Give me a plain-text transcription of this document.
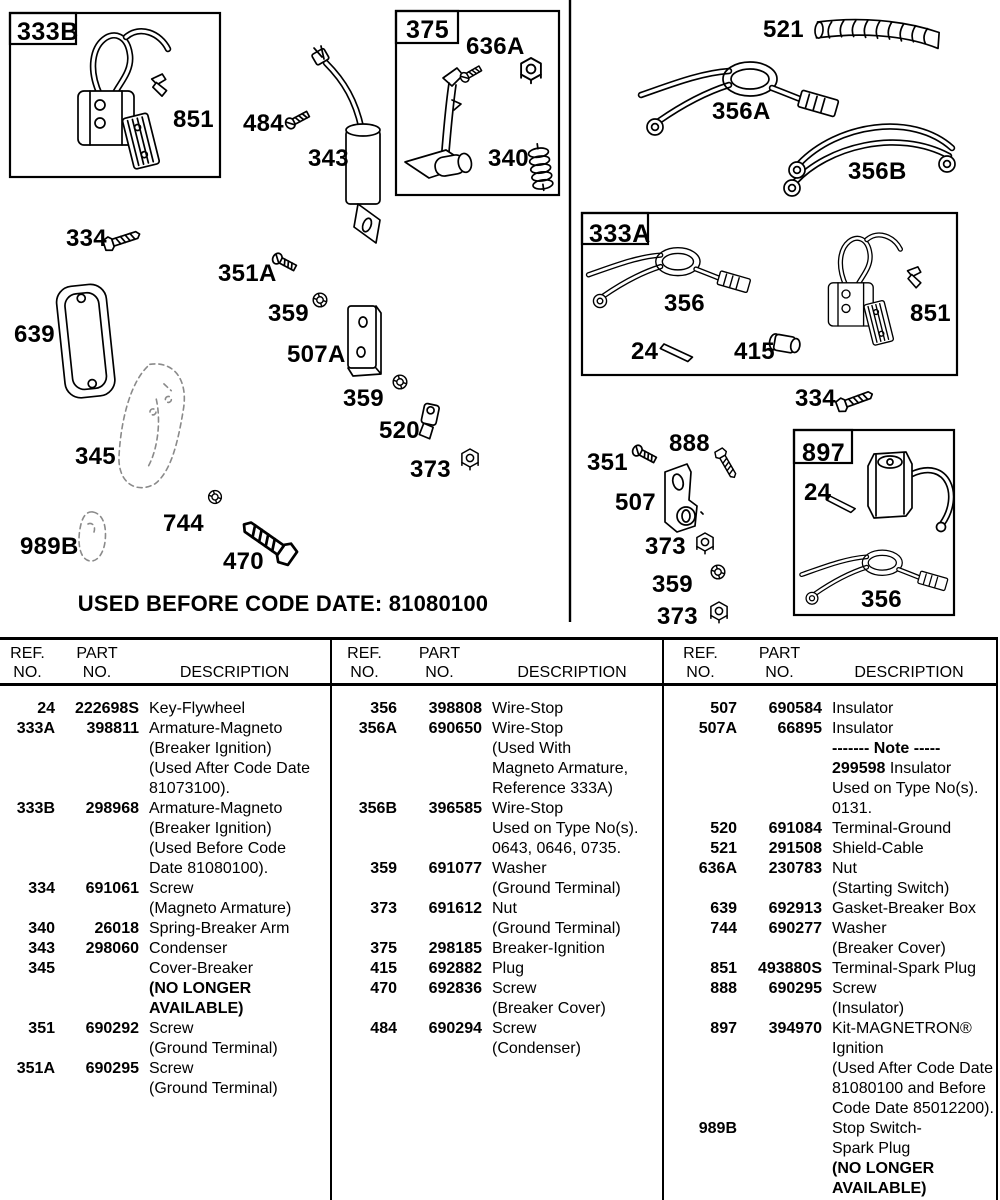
333B	375
333A
897
851 484
343
636A
340
521
356A
356B
356	851
24	415
334
334
351A
359
507A
359
520
373
639
345
989B
744
470
888
351
507
373
359
373
24
356
USED BEFORE CODE DATE: 81080100
REF.
NO.
PART
NO.	DESCRIPTION
24	222698S Key-Flywheel
333A	398811 Armature-Magneto
(Breaker Ignition)
(Used After Code Date
81073100).
333B	298968 Armature-Magneto
(Breaker Ignition)
(Used Before Code
Date 81080100).
334	691061 Screw
(Magneto Armature)
340	26018 Spring-Breaker Arm
343	298060 Condenser
345	Cover-Breaker
(NO LONGER
AVAILABLE)
351	690292 Screw
(Ground Terminal)
351A	690295 Screw
(Ground Terminal)
REF.
NO.
PART
NO.	DESCRIPTION
356	398808 Wire-Stop
356A	690650 Wire-Stop
(Used With
Magneto Armature,
Reference 333A)
356B	396585 Wire-Stop
Used on Type No(s).
0643, 0646, 0735.
359	691077 Washer
(Ground Terminal)
373	691612 Nut
(Ground Terminal)
375	298185 Breaker-Ignition
415	692882 Plug
470	692836 Screw
(Breaker Cover)
484	690294 Screw
(Condenser)
REF.
NO.
PART
NO.	DESCRIPTION
507	690584 Insulator
507A	66895 Insulator
------- Note -----
299598 Insulator
Used on Type No(s).
0131.
520	691084 Terminal-Ground
521	291508 Shield-Cable
636A	230783 Nut
(Starting Switch)
639	692913 Gasket-Breaker Box
744	690277 Washer
(Breaker Cover)
851	493880S Terminal-Spark Plug
888	690295 Screw
(Insulator)
897	394970 Kit-MAGNETRON®
Ignition
(Used After Code Date
81080100 and Before
Code Date 85012200).
989B	Stop Switch-
Spark Plug
(NO LONGER
AVAILABLE)
